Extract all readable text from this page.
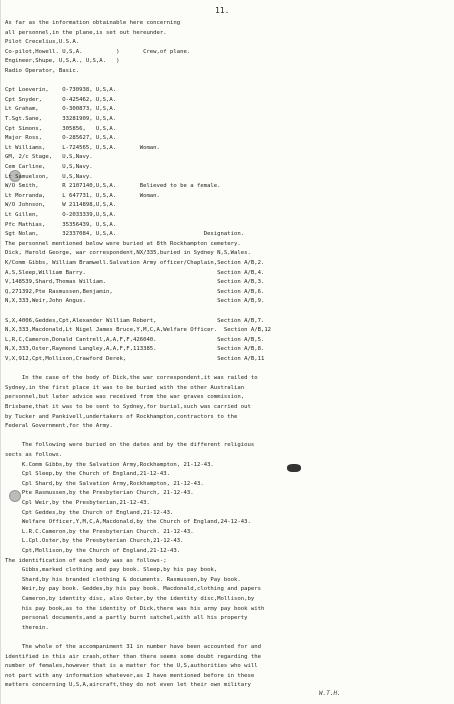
11.
As far as the information obtainable here concerning
all personnel,in the plane,is set out hereunder.
Pilot Crecelius,U.S.A.
Co-pilot,Howell. U,S,A.          )       Crew,of plane.
Engineer,Shupe, U,S,A., U,S,A.   )
Radio Operator, Basic.
Cpt Loeverin,    O-730938, U,S,A.
Cpt Snyder,      O-425462, U,S,A.
Lt Graham,       O-300873, U,S,A.
T.Sgt.Sane,      33281909, U,S,A.
Cpt Simons,      305856,   U,S,A.
Major Ross,      O-285627, U,S,A.
Lt Williams,     L-724565, U,S,A.       Woman.
GM, 2/c Stage,   U,S,Navy.
Cem Carline,     U,S,Navy.
Lt Samuelson,    U,S,Navy.
W/O Smith,       R 2107140,U,S,A.       Believed to be a female.
Lt Morranda,     L 647731, U,S,A.       Woman.
W/O Johnson,     W 2114898,U,S,A.
Lt Gillen,       O-2033339,U,S,A.
Pfc Mathias,     35356439, U,S,A.
Sgt Nolan,       32337084, U,S,A.                          Designation.
The personnel mentioned below were buried at 8th Rockhampton cemetery.
Dick, Harold George, war correspondent,NX/335,buried in Sydney N,S,Wales.
K/Comm Gibbs, William Bramwell.Salvation Army officer/Chaplain,Section A/B,2.
A,S,Sleep,William Barry.                                       Section A/B,4.
V,148539,Shard,Thomas William.                                 Section A/B,3.
Q,271392,Pte Rasmussen,Benjamin,                               Section A/B,6.
N,X,333,Weir,John Angus.                                       Section A/B,9.
S,X,4006,Geddes,Cpt,Alexander William Robert,                  Section A/B,7.
N,X,333,Macdonald,Lt Nigel James Bruce,Y,M,C,A,Welfare Officer.  Section A/B,12
L,R,C,Cameron,Donald Cantrell,A,A,F,F,426040.                  Section A/B,5.
N,X,333,Oster,Raymond Langley,A,A,F,F,113385.                  Section A/B,8.
V,X,912,Cpt,Mollison,Crawford Derek,                           Section A/B,11
In the case of the body of Dick,the war correspondent,it was railed to
Sydney,in the first place it was to be buried with the other Australian
personnel,but later advice was received from the war graves commission,
Brisbane,that it was to be sent to Sydney,for burial,such was carried out
by Tucker and Pankivell,undertakers of Rockhampton,contractors to the
Federal Government,for the Army.
The following were buried on the dates and by the different religious
sects as follows.
K.Comm Gibbs,by the Salvation Army,Rockhampton, 21-12-43.
Cpl Sleep,by the Church of England,21-12-43.
Cpl Shard,by the Salvation Army,Rockhampton, 21-12-43.
Pte Rasmussen,by the Presbyterian Church, 21-12-43.
Cpl Weir,by the Presbyterian,21-12-43.
Cpt Geddes,by the Church of England,21-12-43.
Welfare Officer,Y,M,C,A,Macdonald,by the Church of England,24-12-43.
L.R.C.Cameron,by the Presbyterian Church. 21-12-43.
L.Cpl.Oster,by the Presbyterian Church,21-12-43.
Cpt,Mollison,by the Church of England,21-12-43.
The identification of each body was as follows-;
Gibbs,marked clothing and pay book. Sleep,by his pay book,
Shard,by his branded clothing & documents. Rasmussen,by Pay book.
Weir,by pay book. Geddes,by his pay book. Macdonald,clothing and papers
Cameron,by identity disc, also Oster,by the identity disc,Mollison,by
his pay book,as to the identity of Dick,there was his army pay book with
personal documents,and a partly burnt satchel,with all his property
therein.
The whole of the accompaniment 31 in number have been accounted for and
identified in this air crash,other than there seems some doubt regarding the
number of females,however that is a matter for the U,S,authorities who will
not part with any information whatever,as I have mentioned before in these
matters concerning U,S,A,aircraft,they do not even let their own military
W.T.H.
